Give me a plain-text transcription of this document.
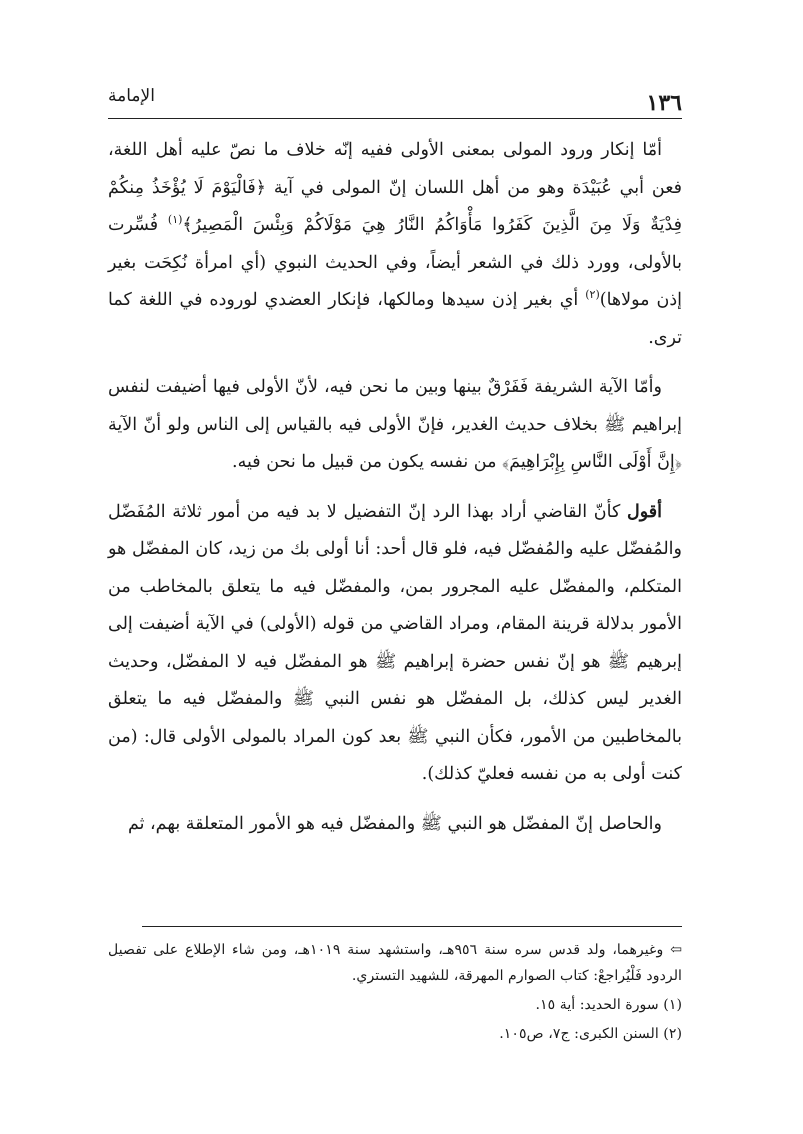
١٣٦
الإمامة

أمّا إنكار ورود المولى بمعنى الأولى ففيه إنّه خلاف ما نصّ عليه أهل اللغة، فعن أبي عُبَيْدَة وهو من أهل اللسان إنّ المولى في آية ﴿فَالْيَوْمَ لَا يُؤْخَذُ مِنكُمْ فِدْيَةٌ وَلَا مِنَ الَّذِينَ كَفَرُوا مَأْوَاكُمُ النَّارُ هِيَ مَوْلَاكُمْ وَبِئْسَ الْمَصِيرُ﴾$^{(١)}$ فُسِّرت بالأولى، وورد ذلك في الشعر أيضاً، وفي الحديث النبوي (أي امرأة نُكِحَت بغير إذن مولاها)$^{(٢)}$ أي بغير إذن سيدها ومالكها، فإنكار العضدي لوروده في اللغة كما ترى.

وأمّا الآية الشريفة فَفَرْقٌ بينها وبين ما نحن فيه، لأنّ الأولى فيها أضيفت لنفس إبراهيم ﷺ بخلاف حديث الغدير، فإنّ الأولى فيه بالقياس إلى الناس ولو أنّ الآية ﴿إِنَّ أَوْلَى النَّاسِ بِإِبْرَاهِيمَ﴾ من نفسه يكون من قبيل ما نحن فيه.

أقول كأنّ القاضي أراد بهذا الرد إنّ التفضيل لا بد فيه من أمور ثلاثة المُفَضّل والمُفضّل عليه والمُفضّل فيه، فلو قال أحد: أنا أولى بك من زيد، كان المفضّل هو المتكلم، والمفضّل عليه المجرور بمن، والمفضّل فيه ما يتعلق بالمخاطب من الأمور بدلالة قرينة المقام، ومراد القاضي من قوله (الأولى) في الآية أضيفت إلى إبرهيم ﷺ هو إنّ نفس حضرة إبراهيم ﷺ هو المفضّل فيه لا المفضّل، وحديث الغدير ليس كذلك، بل المفضّل هو نفس النبي ﷺ والمفضّل فيه ما يتعلق بالمخاطبين من الأمور، فكأن النبي ﷺ بعد كون المراد بالمولى الأولى قال: (من كنت أولى به من نفسه فعليّ كذلك).

والحاصل إنّ المفضّل هو النبي ﷺ والمفضّل فيه هو الأمور المتعلقة بهم، ثم

⇦ وغيرهما، ولد قدس سره سنة ٩٥٦هـ، واستشهد سنة ١٠١٩هـ، ومن شاء الإطلاع على تفصيل الردود فَلْيُراجعْ: كتاب الصوارم المهرقة، للشهيد التستري.

(١) سورة الحديد: أية ١٥.

(٢) السنن الكبرى: ج٧، ص١٠٥.
